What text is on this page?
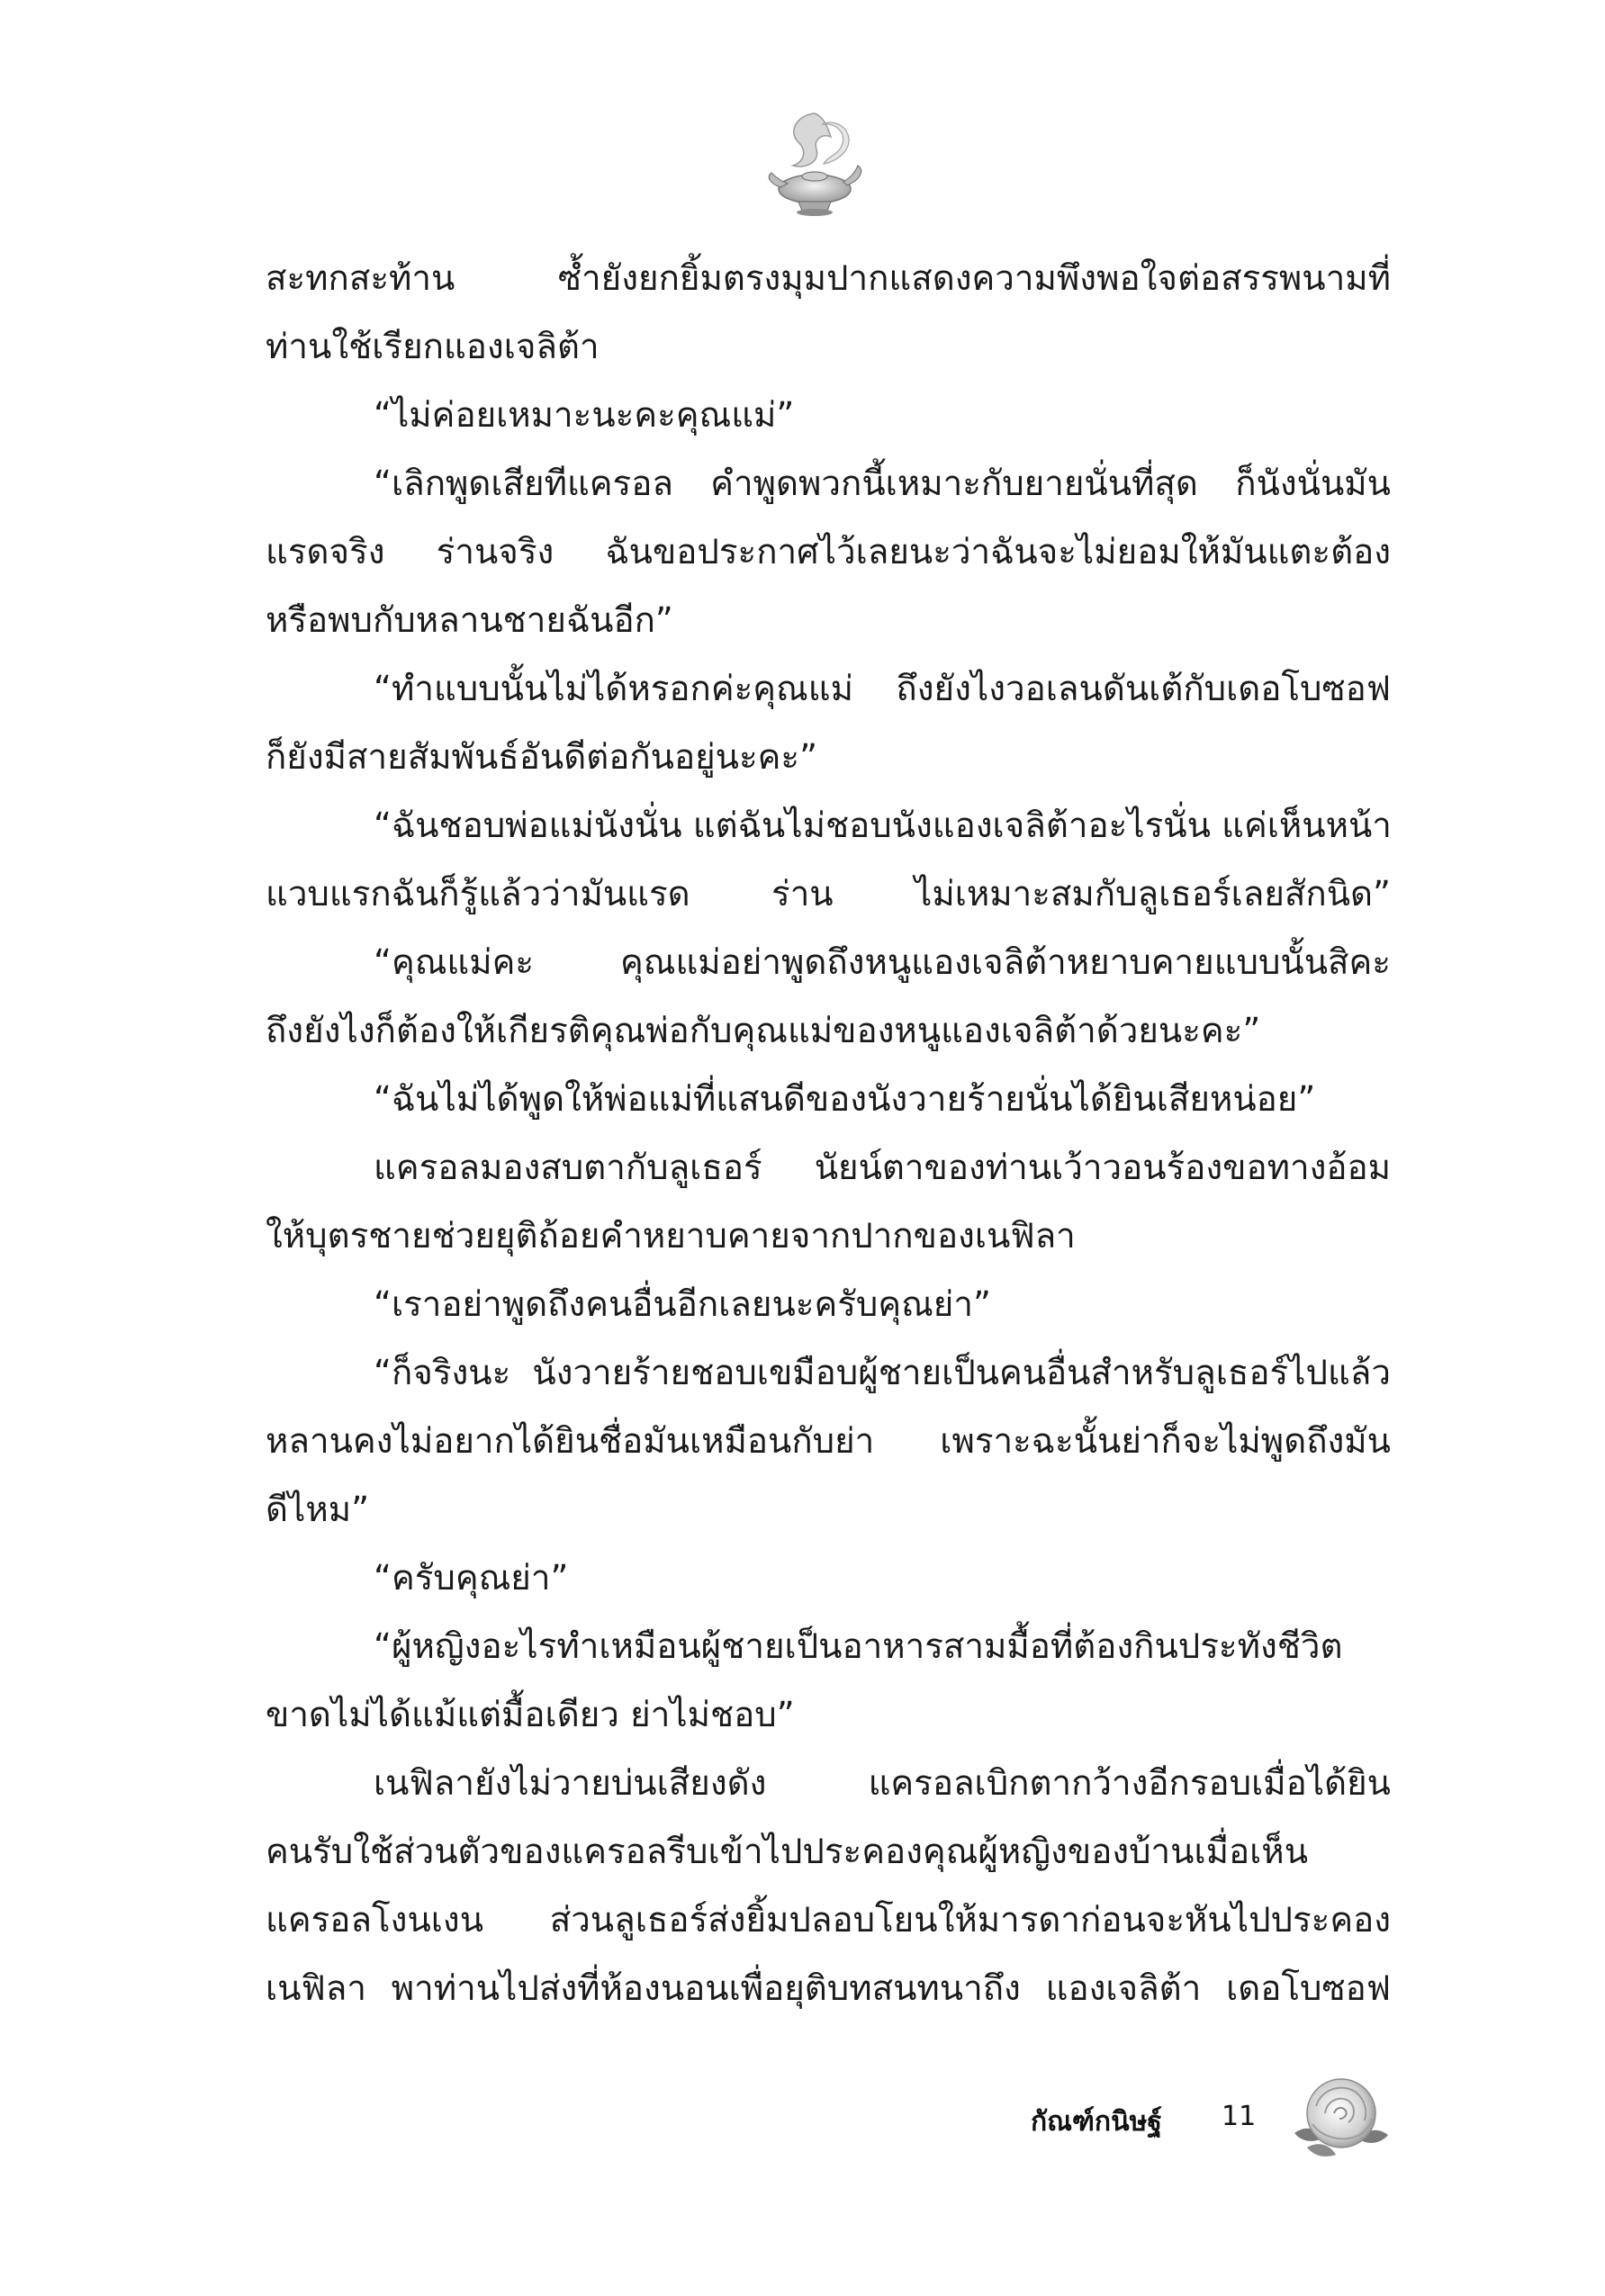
สะทกสะท้าน ซ้ำยังยกยิ้มตรงมุมปากแสดงความพึงพอใจต่อสรรพนามที่
ท่านใช้เรียกแองเจลิต้า
“ไม่ค่อยเหมาะนะคะคุณแม่”
“เลิกพูดเสียทีแครอล คำพูดพวกนี้เหมาะกับยายนั่นที่สุด ก็นังนั่นมัน
แรดจริง ร่านจริง ฉันขอประกาศไว้เลยนะว่าฉันจะไม่ยอมให้มันแตะต้อง
หรือพบกับหลานชายฉันอีก”
“ทำแบบนั้นไม่ได้หรอกค่ะคุณแม่ ถึงยังไงวอเลนดันเต้กับเดอโบซอฟ
ก็ยังมีสายสัมพันธ์อันดีต่อกันอยู่นะคะ”
“ฉันชอบพ่อแม่นังนั่น แต่ฉันไม่ชอบนังแองเจลิต้าอะไรนั่น แค่เห็นหน้า
แวบแรกฉันก็รู้แล้วว่ามันแรด ร่าน ไม่เหมาะสมกับลูเธอร์เลยสักนิด”
“คุณแม่คะ คุณแม่อย่าพูดถึงหนูแองเจลิต้าหยาบคายแบบนั้นสิคะ
ถึงยังไงก็ต้องให้เกียรติคุณพ่อกับคุณแม่ของหนูแองเจลิต้าด้วยนะคะ”
“ฉันไม่ได้พูดให้พ่อแม่ที่แสนดีของนังวายร้ายนั่นได้ยินเสียหน่อย”
แครอลมองสบตากับลูเธอร์ นัยน์ตาของท่านเว้าวอนร้องขอทางอ้อม
ให้บุตรชายช่วยยุติถ้อยคำหยาบคายจากปากของเนฟิลา
“เราอย่าพูดถึงคนอื่นอีกเลยนะครับคุณย่า”
“ก็จริงนะ นังวายร้ายชอบเขมือบผู้ชายเป็นคนอื่นสำหรับลูเธอร์ไปแล้ว
หลานคงไม่อยากได้ยินชื่อมันเหมือนกับย่า เพราะฉะนั้นย่าก็จะไม่พูดถึงมัน
ดีไหม”
“ครับคุณย่า”
“ผู้หญิงอะไรทำเหมือนผู้ชายเป็นอาหารสามมื้อที่ต้องกินประทังชีวิต
ขาดไม่ได้แม้แต่มื้อเดียว ย่าไม่ชอบ”
เนฟิลายังไม่วายบ่นเสียงดัง แครอลเบิกตากว้างอีกรอบเมื่อได้ยิน
คนรับใช้ส่วนตัวของแครอลรีบเข้าไปประคองคุณผู้หญิงของบ้านเมื่อเห็น
แครอลโงนเงน ส่วนลูเธอร์ส่งยิ้มปลอบโยนให้มารดาก่อนจะหันไปประคอง
เนฟิลา พาท่านไปส่งที่ห้องนอนเพื่อยุติบทสนทนาถึง แองเจลิต้า เดอโบซอฟ
กัณฑ์กนิษฐ์ 11
